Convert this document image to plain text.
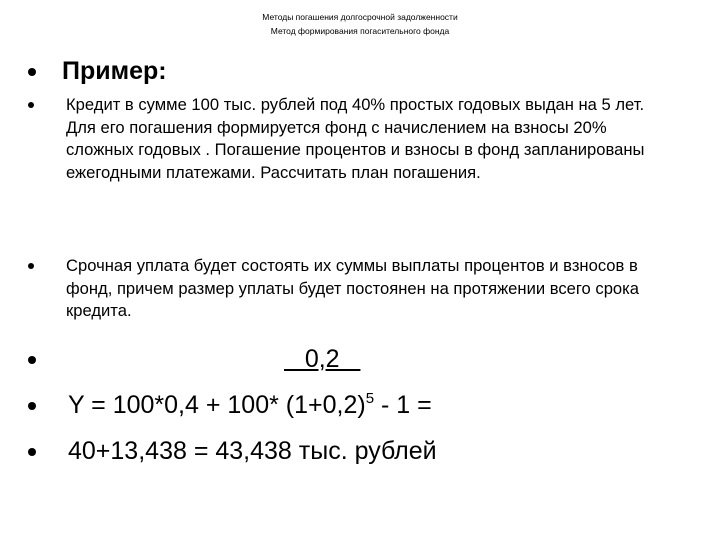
Методы погашения долгосрочной задолженности
Метод формирования погасительного фонда
Пример:
Кредит в сумме 100 тыс. рублей под 40% простых годовых выдан на 5 лет. Для его погашения формируется фонд с начислением на взносы 20% сложных годовых . Погашение процентов и взносы в фонд запланированы ежегодными платежами. Рассчитать план погашения.
Срочная уплата будет состоять их суммы выплаты процентов и взносов в фонд, причем размер уплаты будет постоянен на протяжении всего срока кредита.
0,2
Y = 100*0,4 + 100* $(1+0,2)^5 - 1$ =
40+13,438 = 43,438 тыс. рублей
